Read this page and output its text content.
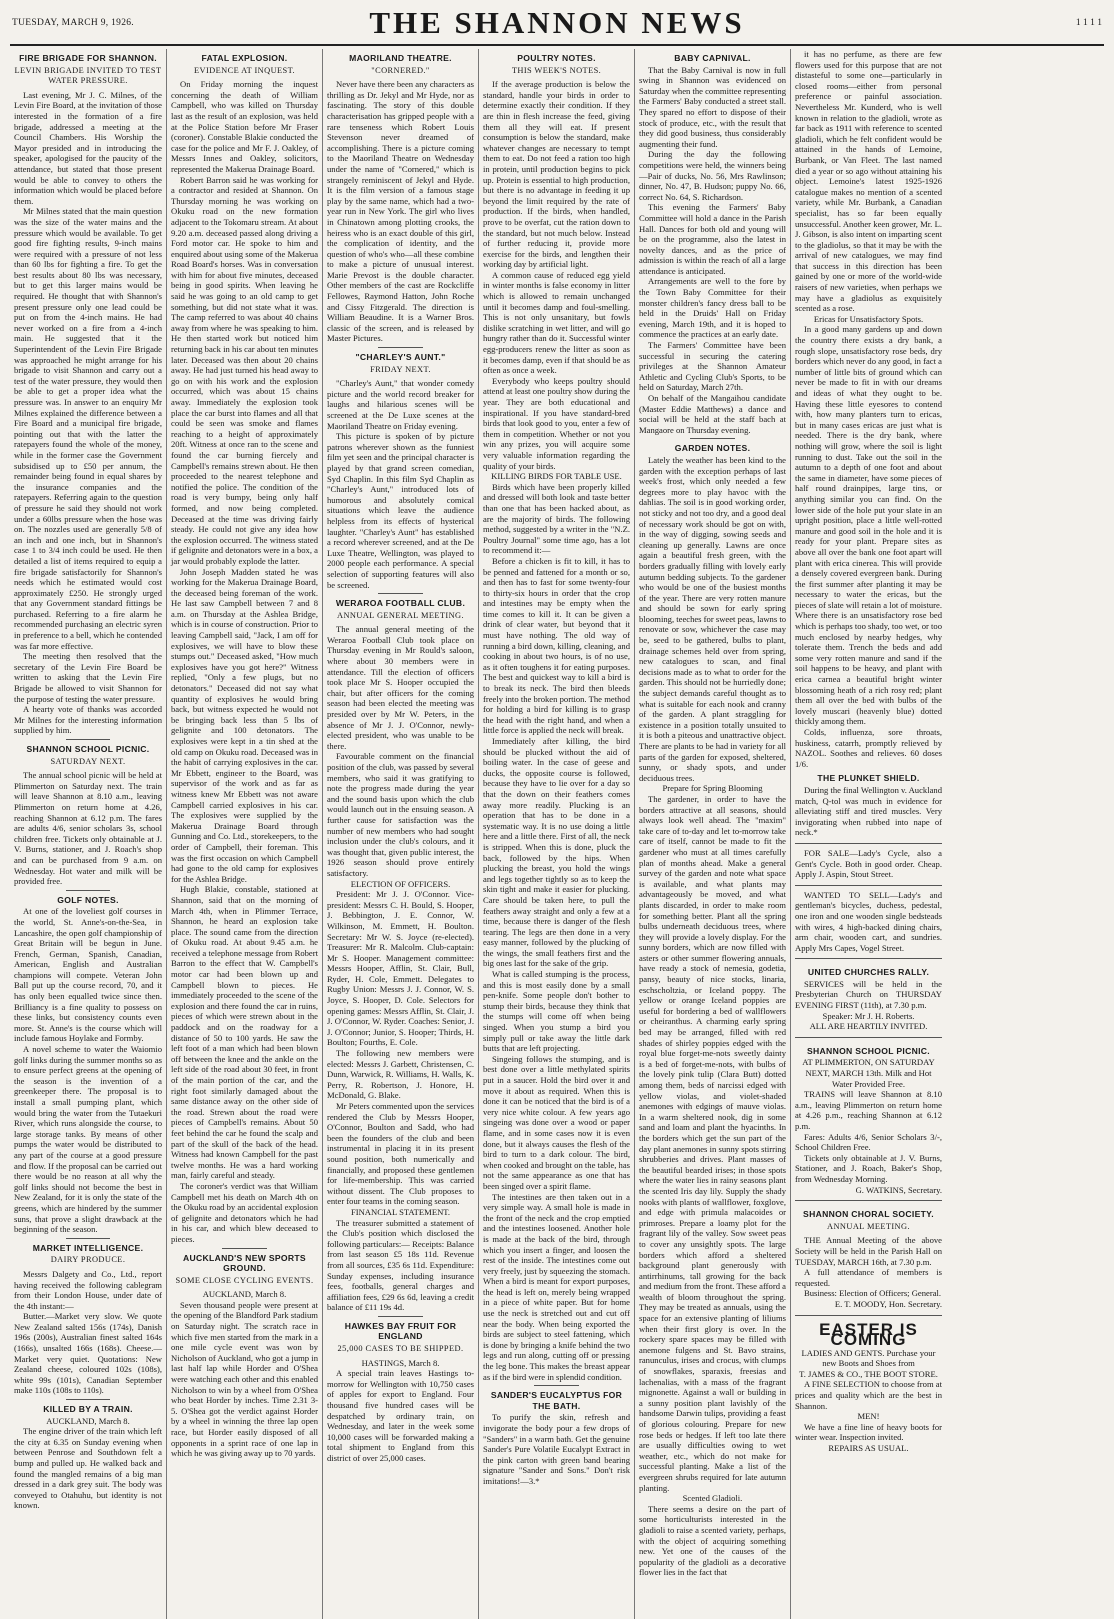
TUESDAY, MARCH 9, 1926.	THE SHANNON NEWS	1 1 1 1
FIRE BRIGADE FOR SHANNON.
LEVIN BRIGADE INVITED TO TEST WATER PRESSURE.

Last evening, Mr J. C. Milnes, of the Levin Fire Board, at the invitation of those interested in the formation of a fire brigade, addressed a meeting at the Council Chambers. His Worship the Mayor presided and in introducing the speaker, apologised for the paucity of the attendance, but stated that those present would be able to convey to others the information which would be placed before them.

Mr Milnes stated that the main question was the size of the water mains and the pressure which would be available. To get good fire fighting results, 9-inch mains were required with a pressure of not less than 60 lbs for fighting a fire. To get the best results about 80 lbs was necessary, but to get this larger mains would be required. He thought that with Shannon's present pressure only one lead could be put on from the 4-inch mains. He had never worked on a fire from a 4-inch main. He suggested that it the Superintendent of the Levin Fire Brigade was approached he might arrange for his brigade to visit Shannon and carry out a test of the water pressure, they would then be able to get a proper idea what the pressure was. In answer to an enquiry Mr Milnes explained the difference between a Fire Board and a municipal fire brigade, pointing out that with the latter the ratepayers found the whole of the money, while in the former case the Government subsidised up to £50 per annum, the remainder being found in equal shares by the insurance companies and the ratepayers. Referring again to the question of pressure he said they should not work under a 60lbs pressure when the hose was on. The nozzles used are generally 5/8 of an inch and one inch, but in Shannon's case 1 to 3/4 inch could be used. He then detailed a list of items required to equip a fire brigade satisfactorily for Shannon's needs which he estimated would cost approximately £250. He strongly urged that any Government standard fittings be purchased. Referring to a fire alarm he recommended purchasing an electric syren in preference to a bell, which he contended was far more effective.

The meeting then resolved that the secretary of the Levin Fire Board be written to asking that the Levin Fire Brigade be allowed to visit Shannon for the purpose of testing the water pressure.

A hearty vote of thanks was accorded Mr Milnes for the interesting information supplied by him.

SHANNON SCHOOL PICNIC.
SATURDAY NEXT.

The annual school picnic will be held at Plimmerton on Saturday next. The train will leave Shannon at 8.10 a.m., leaving Plimmerton on return home at 4.26, reaching Shannon at 6.12 p.m. The fares are adults 4/6, senior scholars 3s, school children free. Tickets only obtainable at J. V. Burns, stationer, and J. Roach's shop and can be purchased from 9 a.m. on Wednesday. Hot water and milk will be provided free.

GOLF NOTES.

At one of the loveliest golf courses in the world, St. Anne's-on-the-Sea, in Lancashire, the open golf championship of Great Britain will be begun in June. French, German, Spanish, Canadian, American, English and Australian champions will compete. Veteran John Ball put up the course record, 70, and it has only been equalled twice since then. Brilliancy is a fine quality to possess on these links, but consistency counts even more. St. Anne's is the course which will include famous Hoylake and Formby.

A novel scheme to water the Waiomio golf links during the summer months so as to ensure perfect greens at the opening of the season is the invention of a greenkeeper there. The proposal is to install a small pumping plant, which would bring the water from the Tutaekuri River, which runs alongside the course, to large storage tanks. By means of other pumps the water would be distributed to any part of the course at a good pressure and flow. If the proposal can be carried out there would be no reason at all why the golf links should not become the best in New Zealand, for it is only the state of the greens, which are hindered by the summer suns, that prove a slight drawback at the beginning of the season.

MARKET INTELLIGENCE.
DAIRY PRODUCE.

Messrs Dalgety and Co., Ltd., report having received the following cablegram from their London House, under date of the 4th instant:—

Butter.—Market very slow. We quote New Zealand salted 156s (174s), Danish 196s (200s), Australian finest salted 164s (166s), unsalted 166s (168s). Cheese.—Market very quiet. Quotations: New Zealand cheese, coloured 102s (108s), white 99s (101s), Canadian September make 110s (108s to 110s).

KILLED BY A TRAIN.

AUCKLAND, March 8.

The engine driver of the train which left the city at 6.35 on Sunday evening when between Penrose and Southdown felt a bump and pulled up. He walked back and found the mangled remains of a big man dressed in a dark grey suit. The body was conveyed to Otahuhu, but identity is not known.

FATAL EXPLOSION.
EVIDENCE AT INQUEST.

On Friday morning the inquest concerning the death of William Campbell, who was killed on Thursday last as the result of an explosion, was held at the Police Station before Mr Fraser (coroner). Constable Blakie conducted the case for the police and Mr F. J. Oakley, of Messrs Innes and Oakley, solicitors, represented the Makerua Drainage Board.

Robert Barron said he was working for a contractor and resided at Shannon. On Thursday morning he was working on Okuku road on the new formation adjacent to the Tokomaru stream. At about 9.20 a.m. deceased passed along driving a Ford motor car. He spoke to him and enquired about using some of the Makerua Road Board's horses. Was in conversation with him for about five minutes, deceased being in good spirits. When leaving he said he was going to an old camp to get something, but did not state what it was. The camp referred to was about 40 chains away from where he was speaking to him. He then started work but noticed him returning back in his car about ten minutes later. Deceased was then about 20 chains away. He had just turned his head away to go on with his work and the explosion occurred, which was about 15 chains away. Immediately the explosion took place the car burst into flames and all that could be seen was smoke and flames reaching to a height of approximately 20ft. Witness at once ran to the scene and found the car burning fiercely and Campbell's remains strewn about. He then proceeded to the nearest telephone and notified the police. The condition of the road is very bumpy, being only half formed, and now being completed. Deceased at the time was driving fairly steady. He could not give any idea how the explosion occurred. The witness stated if gelignite and detonators were in a box, a jar would probably explode the latter.

John Joseph Madden stated he was working for the Makerua Drainage Board, the deceased being foreman of the work. He last saw Campbell between 7 and 8 a.m. on Thursday at the Ashlea Bridge, which is in course of construction. Prior to leaving Campbell said, "Jack, I am off for explosives, we will have to blow these stumps out." Deceased asked, "How much explosives have you got here?" Witness replied, "Only a few plugs, but no detonators." Deceased did not say what quantity of explosives he would bring back, but witness expected he would not be bringing back less than 5 lbs of gelignite and 100 detonators. The explosives were kept in a tin shed at the old camp on Okuku road. Deceased was in the habit of carrying explosives in the car. Mr Ebbett, engineer to the Board, was supervisor of the work and as far as witness knew Mr Ebbett was not aware Campbell carried explosives in his car. The explosives were supplied by the Makerua Drainage Board through Gunning and Co. Ltd., storekeepers, to the order of Campbell, their foreman. This was the first occasion on which Campbell had gone to the old camp for explosives for the Ashlea Bridge.

Hugh Blakie, constable, stationed at Shannon, said that on the morning of March 4th, when in Plimmer Terrace, Shannon, he heard an explosion take place. The sound came from the direction of Okuku road. At about 9.45 a.m. he received a telephone message from Robert Barron to the effect that W. Campbell's motor car had been blown up and Campbell blown to pieces. He immediately proceeded to the scene of the explosion and there found the car in ruins, pieces of which were strewn about in the paddock and on the roadway for a distance of 50 to 100 yards. He saw the left foot of a man which had been blown off between the knee and the ankle on the left side of the road about 30 feet, in front of the main portion of the car, and the right foot similarly damaged about the same distance away on the other side of the road. Strewn about the road were pieces of Campbell's remains. About 50 feet behind the car he found the scalp and part of the skull of the back of the head. Witness had known Campbell for the past twelve months. He was a hard working man, fairly careful and steady.

The coroner's verdict was that William Campbell met his death on March 4th on the Okuku road by an accidental explosion of gelignite and detonators which he had in his car, and which blew deceased to pieces.

AUCKLAND'S NEW SPORTS GROUND.
SOME CLOSE CYCLING EVENTS.

AUCKLAND, March 8.

Seven thousand people were present at the opening of the Blandford Park stadium on Saturday night. The scratch race in which five men started from the mark in a one mile cycle event was won by Nicholson of Auckland, who got a jump in last half lap while Horder and O'Shea were watching each other and this enabled Nicholson to win by a wheel from O'Shea who beat Horder by inches. Time 2.31 3-5. O'Shea got the verdict against Horder by a wheel in winning the three lap open race, but Horder easily disposed of all opponents in a sprint race of one lap in which he was giving away up to 70 yards.

MAORILAND THEATRE.
"CORNERED."

Never have there been any characters as thrilling as Dr. Jekyl and Mr Hyde, nor as fascinating. The story of this double characterisation has gripped people with a rare tenseness which Robert Louis Stevenson never dreamed of accomplishing. There is a picture coming to the Maoriland Theatre on Wednesday under the name of "Cornered," which is strangely reminiscent of Jekyl and Hyde. It is the film version of a famous stage play by the same name, which had a two-year run in New York. The girl who lives in Chinatown among plotting crooks, the heiress who is an exact double of this girl, the complication of identity, and the question of who's who—all these combine to make a picture of unusual interest. Marie Prevost is the double character. Other members of the cast are Rockcliffe Fellowes, Raymond Hatton, John Roche and Cissy Fitzgerald. The direction is William Beaudine. It is a Warner Bros. classic of the screen, and is released by Master Pictures.

"CHARLEY'S AUNT."
FRIDAY NEXT.

"Charley's Aunt," that wonder comedy picture and the world record breaker for laughs and hilarious scenes will be screened at the De Luxe scenes at the Maoriland Theatre on Friday evening.

This picture is spoken of by picture patrons wherever shown as the funniest film yet seen and the principal character is played by that grand screen comedian, Syd Chaplin. In this film Syd Chaplin as "Charley's Aunt," introduced lots of humorous and absolutely comical situations which leave the audience helpless from its effects of hysterical laughter. "Charley's Aunt" has established a record wherever screened, and at the De Luxe Theatre, Wellington, was played to 2000 people each performance. A special selection of supporting features will also be screened.

WERAROA FOOTBALL CLUB.
ANNUAL GENERAL MEETING.

The annual general meeting of the Weraroa Football Club took place on Thursday evening in Mr Rould's saloon, where about 30 members were in attendance. Till the election of officers took place Mr S. Hooper occupied the chair, but after officers for the coming season had been elected the meeting was presided over by Mr W. Peters, in the absence of Mr J. J. O'Connor, newly-elected president, who was unable to be there.

Favourable comment on the financial position of the club, was passed by several members, who said it was gratifying to note the progress made during the year and the sound basis upon which the club would launch out in the ensuing season. A further cause for satisfaction was the number of new members who had sought inclusion under the club's colours, and it was thought that, given public interest, the 1926 season should prove entirely satisfactory.

ELECTION OF OFFICERS.

President: Mr J. J. O'Connor. Vice-president: Messrs C. H. Bould, S. Hooper, J. Bebbington, J. E. Connor, W. Wilkinson, M. Emmett, H. Boulton. Secretary: Mr W. S. Joyce (re-elected). Treasurer: Mr R. Malcolm. Club-captain: Mr S. Hooper. Management committee: Messrs Hooper, Afflin, St. Clair, Bull, Ryder, H. Cole, Emmett. Delegates to Rugby Union: Messrs J. J. Connor, W. S. Joyce, S. Hooper, D. Cole. Selectors for opening games: Messrs Afflin, St. Clair, J. J. O'Connor, W. Ryder. Coaches: Senior, J. J. O'Connor; Junior, S. Hooper; Thirds, H. Boulton; Fourths, E. Cole.

The following new members were elected: Messrs J. Garbett, Christensen, C. Dunn, Warwick, R. Williams, H. Walls, K. Perry, R. Robertson, J. Honore, H. McDonald, G. Blake.

Mr Peters commented upon the services rendered the Club by Messrs Hooper, O'Connor, Boulton and Sadd, who had been the founders of the club and been instrumental in placing it in its present sound position, both numerically and financially, and proposed these gentlemen for life-membership. This was carried without dissent. The Club proposes to enter four teams in the coming season.

FINANCIAL STATEMENT.

The treasurer submitted a statement of the Club's position which disclosed the following particulars:— Receipts: Balance from last season £5 18s 11d. Revenue from all sources, £35 6s 11d. Expenditure: Sunday expenses, including insurance fees, footballs, general charges and affiliation fees, £29 6s 6d, leaving a credit balance of £11 19s 4d.

HAWKES BAY FRUIT FOR ENGLAND
25,000 CASES TO BE SHIPPED.

HASTINGS, March 8.

A special train leaves Hastings to-morrow for Wellington with 10,750 cases of apples for export to England. Four thousand five hundred cases will be despatched by ordinary train, on Wednesday, and later in the week some 10,000 cases will be forwarded making a total shipment to England from this district of over 25,000 cases.

POULTRY NOTES.
THIS WEEK'S NOTES.

If the average production is below the standard, handle your birds in order to determine exactly their condition. If they are thin in flesh increase the feed, giving them all they will eat. If present consumption is below the standard, make whatever changes are necessary to tempt them to eat. Do not feed a ration too high in protein, until production begins to pick up. Protein is essential to high production, but there is no advantage in feeding it up beyond the limit required by the rate of production. If the birds, when handled, prove to be overfat, cut the ration down to the standard, but not much below. Instead of further reducing it, provide more exercise for the birds, and lengthen their working day by artificial light.

A common cause of reduced egg yield in winter months is false economy in litter which is allowed to remain unchanged until it becomes damp and foul-smelling. This is not only unsanitary, but fowls dislike scratching in wet litter, and will go hungry rather than do it. Successful winter egg-producers renew the litter as soon as it becomes damp, even if that should be as often as once a week.

Everybody who keeps poultry should attend at least one poultry show during the year. They are both educational and inspirational. If you have standard-bred birds that look good to you, enter a few of them in competition. Whether or not you win any prizes, you will acquire some very valuable information regarding the quality of your birds.

KILLING BIRDS FOR TABLE USE.

Birds which have been properly killed and dressed will both look and taste better than one that has been hacked about, as are the majority of birds. The following method, suggested by a writer in the "N.Z. Poultry Journal" some time ago, has a lot to recommend it:—

Before a chicken is fit to kill, it has to be penned and fattened for a month or so, and then has to fast for some twenty-four to thirty-six hours in order that the crop and intestines may be empty when the time comes to kill it. It can be given a drink of clear water, but beyond that it must have nothing. The old way of running a bird down, killing, cleaning, and cooking in about two hours, is of no use, as it often toughens it for eating purposes. The best and quickest way to kill a bird is to break its neck. The bird then bleeds freely into the broken portion. The method for holding a bird for killing is to grasp the head with the right hand, and when a little force is applied the neck will break.

Immediately after killing, the bird should be plucked without the aid of boiling water. In the case of geese and ducks, the opposite course is followed, because they have to lie over for a day so that the down on their feathers comes away more readily. Plucking is an operation that has to be done in a systematic way. It is no use doing a little here and a little there. First of all, the neck is stripped. When this is done, pluck the back, followed by the hips. When plucking the breast, you hold the wings and legs together tightly so as to keep the skin tight and make it easier for plucking. Care should be taken here, to pull the feathers away straight and only a few at a time, because there is danger of the flesh tearing. The legs are then done in a very easy manner, followed by the plucking of the wings, the small feathers first and the big ones last for the sake of the grip.

What is called stumping is the process, and this is most easily done by a small pen-knife. Some people don't bother to stump their birds, because they think that the stumps will come off when being singed. When you stump a bird you simply pull or take away the little dark butts that are left projecting.

Singeing follows the stumping, and is best done over a little methylated spirits put in a saucer. Hold the bird over it and move it about as required. When this is done it can be noticed that the bird is of a very nice white colour. A few years ago singeing was done over a wood or paper flame, and in some cases now it is even done, but it always causes the flesh of the bird to turn to a dark colour. The bird, when cooked and brought on the table, has not the same appearance as one that has been singed over a spirit flame.

The intestines are then taken out in a very simple way. A small hole is made in the front of the neck and the crop emptied and the intestines loosened. Another hole is made at the back of the bird, through which you insert a finger, and loosen the rest of the inside. The intestines come out very freely, just by squeezing the stomach. When a bird is meant for export purposes, the head is left on, merely being wrapped in a piece of white paper. But for home use the neck is stretched out and cut off near the body. When being exported the birds are subject to steel fattening, which is done by bringing a knife behind the two legs and run along, cutting off or pressing the leg bone. This makes the breast appear as if the bird were in splendid condition.

SANDER'S EUCALYPTUS FOR THE BATH.

To purify the skin, refresh and invigorate the body pour a few drops of "Sanders" in a warm bath. Get the genuine Sander's Pure Volatile Eucalypt Extract in the pink carton with green band bearing signature "Sander and Sons." Don't risk imitations!—3.*

BABY CAPNIVAL.

That the Baby Carnival is now in full swing in Shannon was evidenced on Saturday when the committee representing the Farmers' Baby conducted a street stall. They spared no effort to dispose of their stock of produce, etc., with the result that they did good business, thus considerably augmenting their fund.

During the day the following competitions were held, the winners being —Pair of ducks, No. 56, Mrs Rawlinson; dinner, No. 47, B. Hudson; puppy No. 66, correct No. 64, S. Richardson.

This evening the Farmers' Baby Committee will hold a dance in the Parish Hall. Dances for both old and young will be on the programme, also the latest in novelty dances, and as the price of admission is within the reach of all a large attendance is anticipated.

Arrangements are well to the fore by the Town Baby Committee for their monster children's fancy dress ball to be held in the Druids' Hall on Friday evening, March 19th, and it is hoped to commence the practices at an early date.

The Farmers' Committee have been successful in securing the catering privileges at the Shannon Amateur Athletic and Cycling Club's Sports, to be held on Saturday, March 27th.

On behalf of the Mangaihou candidate (Master Eddie Matthews) a dance and social will be held at the staff bach at Mangaore on Thursday evening.

GARDEN NOTES.

Lately the weather has been kind to the garden with the exception perhaps of last week's frost, which only needed a few degrees more to play havoc with the dahlias. The soil is in good working order, not sticky and not too dry, and a good deal of necessary work should be got on with, in the way of digging, sowing seeds and cleaning up generally. Lawns are once again a beautiful fresh green, with the borders gradually filling with lovely early autumn bedding subjects. To the gardener who would be one of the busiest months of the year. There are very rotten manure and should be sown for early spring blooming, teeches for sweet peas, lawns to renovate or sow, whichever the case may be, seed to be gathered, bulbs to plant, drainage schemes held over from spring, new catalogues to scan, and final decisions made as to what to order for the garden. This should not be hurriedly done; the subject demands careful thought as to what is suitable for each nook and cranny of the garden. A plant straggling for existence in a position totally unsuited to it is both a piteous and unattractive object. There are plants to be had in variety for all parts of the garden for exposed, sheltered, sunny, or shady spots, and under deciduous trees.

Prepare for Spring Blooming

The gardener, in order to have the borders attractive at all seasons, should always look well ahead. The "maxim" take care of to-day and let to-morrow take care of itself, cannot be made to fit the gardener who must at all times carefully plan of months ahead. Make a general survey of the garden and note what space is available, and what plants may advantageously be moved, and what plants discarded, in order to make room for something better. Plant all the spring bulbs underneath deciduous trees, where they will provide a lovely display. For the sunny borders, which are now filled with asters or other summer flowering annuals, have ready a stock of nemesia, godetia, pansy, beauty of nice stocks, linaria, eschscholtzia, or Iceland poppy. The yellow or orange Iceland poppies are useful for bordering a bed of wallflowers or cheiranthus. A charming early spring bed may be arranged, filled with red shades of shirley poppies edged with the royal blue forget-me-nots sweetly dainty is a bed of forget-me-nots, with bulbs of the lovely pink tulip (Clara Butt) dotted among them, beds of narcissi edged with yellow violas, and violet-shaded anemones with edgings of mauve violas. In a warm sheltered nook, dig in some sand and loam and plant the hyacinths. In the borders which get the sun part of the day plant anemones in sunny spots stirring shrubberies and drives. Plant masses of the beautiful bearded irises; in those spots where the water lies in rainy seasons plant the scented Iris day lily. Supply the shady nooks with plants of wallflower, foxglove, and edge with primula malacoides or primroses. Prepare a loamy plot for the fragrant lily of the valley. Sow sweet peas to cover any unsightly spots. The large borders which afford a sheltered background plant generously with antirrhinums, tall growing for the back and medium from the front. These afford a wealth of bloom throughout the spring. They may be treated as annuals, using the space for an extensive planting of liliums when their first glory is over. In the rockery spare spaces may be filled with anemone fulgens and St. Bavo strains, ranunculus, irises and crocus, with clumps of snowflakes, sparaxis, freesias and lachenalias, with a mass of the fragrant mignonette. Against a wall or building in a sunny position plant lavishly of the handsome Darwin tulips, providing a feast of glorious colouring. Prepare for new rose beds or hedges. If left too late there are usually difficulties owing to wet weather, etc., which do not make for successful planting. Make a list of the evergreen shrubs required for late autumn planting.

Scented Gladioli.

There seems a desire on the part of some horticulturists interested in the gladioli to raise a scented variety, perhaps, with the object of acquiring something new. Yet one of the causes of the popularity of the gladioli as a decorative flower lies in the fact that

it has no perfume, as there are few flowers used for this purpose that are not distasteful to some one—particularly in closed rooms—either from personal preference or painful association. Nevertheless Mr. Kunderd, who is well known in relation to the gladioli, wrote as far back as 1911 with reference to scented gladioli, which he felt confident would be attained in the hands of Lemoine, Burbank, or Van Fleet. The last named died a year or so ago without attaining his object. Lemoine's latest 1925-1926 catalogue makes no mention of a scented variety, while Mr. Burbank, a Canadian specialist, has so far been equally unsuccessful. Another keen grower, Mr. L. J. Gibson, is also intent on imparting scent to the gladiolus, so that it may be with the arrival of new catalogues, we may find that success in this direction has been gained by one or more of the world-wide raisers of new varieties, when perhaps we may have a gladiolus as exquisitely scented as a rose.

Ericas for Unsatisfactory Spots.

In a good many gardens up and down the country there exists a dry bank, a rough slope, unsatisfactory rose beds, dry borders which never do any good, in fact a number of little bits of ground which can never be made to fit in with our dreams and ideas of what they ought to be. Having these little eyesores to contend with, how many planters turn to ericas, but in many cases ericas are just what is needed. There is the dry bank, where nothing will grow, where the soil is light running to dust. Take out the soil in the autumn to a depth of one foot and about the same in diameter, have some pieces of half round drainpipes, large tins, or anything similar you can find. On the lower side of the hole put your slate in an upright position, place a little well-rotted manure and good soil in the hole and it is ready for your plant. Prepare sites as above all over the bank one foot apart will plant with erica cinerea. This will provide a densely covered evergreen bank. During the first summer after planting it may be necessary to water the ericas, but the pieces of slate will retain a lot of moisture. Where there is an unsatisfactory rose bed which is perhaps too shady, too wet, or too much enclosed by nearby hedges, why tolerate them. Trench the beds and add some very rotten manure and sand if the soil happens to be heavy, and plant with erica carnea a beautiful bright winter blossoming heath of a rich rosy red; plant them all over the bed with bulbs of the lovely muscari (heavenly blue) dotted thickly among them.

Colds, influenza, sore throats, huskiness, catarrh, promptly relieved by NAZOL. Soothes and relieves. 60 doses 1/6.

THE PLUNKET SHIELD.

During the final Wellington v. Auckland match, Q-tol was much in evidence for alleviating stiff and tired muscles. Very invigorating when rubbed into nape of neck.*

FOR SALE—Lady's Cycle, also a Gent's Cycle. Both in good order. Cheap. Apply J. Aspin, Stout Street.

WANTED TO SELL—Lady's and gentleman's bicycles, duchess, pedestal, one iron and one wooden single bedsteads with wires, 4 high-backed dining chairs, arm chair, wooden cart, and sundries. Apply Mrs Capes, Vogel Street.

UNITED CHURCHES RALLY.

SERVICES will be held in the Presbyterian Church on THURSDAY EVENING FIRST (11th), at 7.30 p.m.

Speaker: Mr J. H. Roberts.

ALL ARE HEARTILY INVITED.

SHANNON SCHOOL PICNIC.

AT PLIMMERTON, ON SATURDAY NEXT, MARCH 13th. Milk and Hot Water Provided Free.

TRAINS will leave Shannon at 8.10 a.m., leaving Plimmerton on return home at 4.26 p.m., reaching Shannon at 6.12 p.m.

Fares: Adults 4/6, Senior Scholars 3/-, School Children Free.

Tickets only obtainable at J. V. Burns, Stationer, and J. Roach, Baker's Shop, from Wednesday Morning.

G. WATKINS, Secretary.

SHANNON CHORAL SOCIETY.
ANNUAL MEETING.

THE Annual Meeting of the above Society will be held in the Parish Hall on TUESDAY, MARCH 16th, at 7.30 p.m.

A full attendance of members is requested.

Business: Election of Officers; General.

E. T. MOODY, Hon. Secretary.

EASTER IS COMING

LADIES AND GENTS. Purchase your new Boots and Shoes from

T. JAMES & CO., THE BOOT STORE.

A FINE SELECTION to choose from at prices and quality which are the best in Shannon.

MEN!

We have a fine line of heavy boots for winter wear. Inspection invited.

REPAIRS AS USUAL.
